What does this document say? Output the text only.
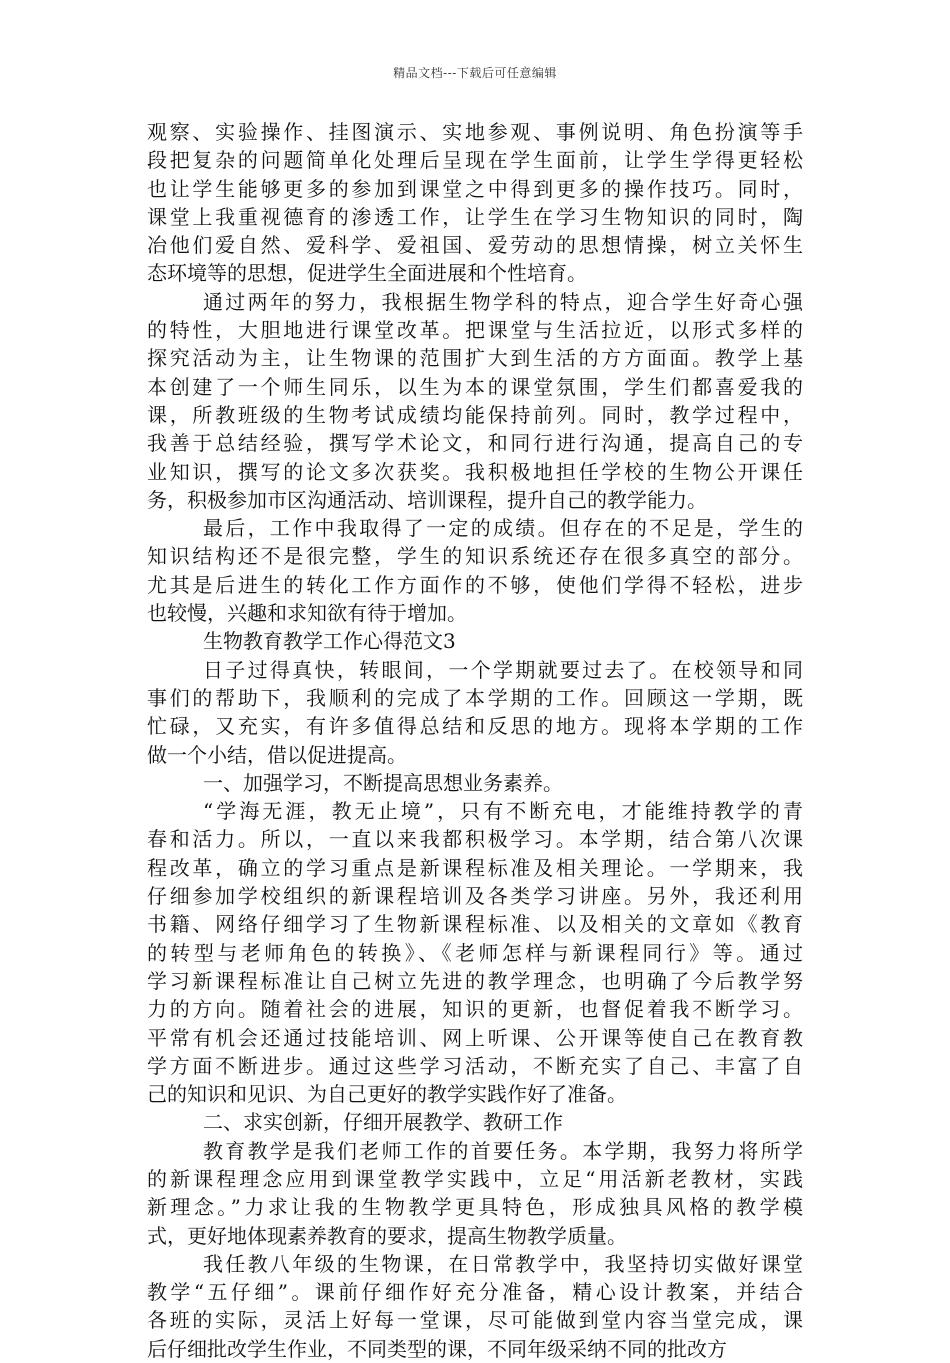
精品文档---下载后可任意编辑
观察、实验操作、挂图演示、实地参观、事例说明、角色扮演等手
段把复杂的问题简单化处理后呈现在学生面前，让学生学得更轻松
也让学生能够更多的参加到课堂之中得到更多的操作技巧。同时，
课堂上我重视德育的渗透工作，让学生在学习生物知识的同时，陶
冶他们爱自然、爱科学、爱祖国、爱劳动的思想情操，树立关怀生
态环境等的思想，促进学生全面进展和个性培育。
通过两年的努力，我根据生物学科的特点，迎合学生好奇心强
的特性，大胆地进行课堂改革。把课堂与生活拉近，以形式多样的
探究活动为主，让生物课的范围扩大到生活的方方面面。教学上基
本创建了一个师生同乐，以生为本的课堂氛围，学生们都喜爱我的
课，所教班级的生物考试成绩均能保持前列。同时，教学过程中，
我善于总结经验，撰写学术论文，和同行进行沟通，提高自己的专
业知识，撰写的论文多次获奖。我积极地担任学校的生物公开课任
务，积极参加市区沟通活动、培训课程，提升自己的教学能力。
最后，工作中我取得了一定的成绩。但存在的不足是，学生的
知识结构还不是很完整，学生的知识系统还存在很多真空的部分。
尤其是后进生的转化工作方面作的不够，使他们学得不轻松，进步
也较慢，兴趣和求知欲有待于增加。
生物教育教学工作心得范文3
日子过得真快，转眼间，一个学期就要过去了。在校领导和同
事们的帮助下，我顺利的完成了本学期的工作。回顾这一学期，既
忙碌，又充实，有许多值得总结和反思的地方。现将本学期的工作
做一个小结，借以促进提高。
一、加强学习，不断提高思想业务素养。
“学海无涯，教无止境”，只有不断充电，才能维持教学的青
春和活力。所以，一直以来我都积极学习。本学期，结合第八次课
程改革，确立的学习重点是新课程标准及相关理论。一学期来，我
仔细参加学校组织的新课程培训及各类学习讲座。另外，我还利用
书籍、网络仔细学习了生物新课程标准、以及相关的文章如《教育
的转型与老师角色的转换》、《老师怎样与新课程同行》等。通过
学习新课程标准让自己树立先进的教学理念，也明确了今后教学努
力的方向。随着社会的进展，知识的更新，也督促着我不断学习。
平常有机会还通过技能培训、网上听课、公开课等使自己在教育教
学方面不断进步。通过这些学习活动，不断充实了自己、丰富了自
己的知识和见识、为自己更好的教学实践作好了准备。
二、求实创新，仔细开展教学、教研工作
教育教学是我们老师工作的首要任务。本学期，我努力将所学
的新课程理念应用到课堂教学实践中，立足“用活新老教材，实践
新理念。”力求让我的生物教学更具特色，形成独具风格的教学模
式，更好地体现素养教育的要求，提高生物教学质量。
我任教八年级的生物课，在日常教学中，我坚持切实做好课堂
教学“五仔细”。课前仔细作好充分准备，精心设计教案，并结合
各班的实际，灵活上好每一堂课，尽可能做到堂内容当堂完成，课
后仔细批改学生作业，不同类型的课，不同年级采纳不同的批改方
